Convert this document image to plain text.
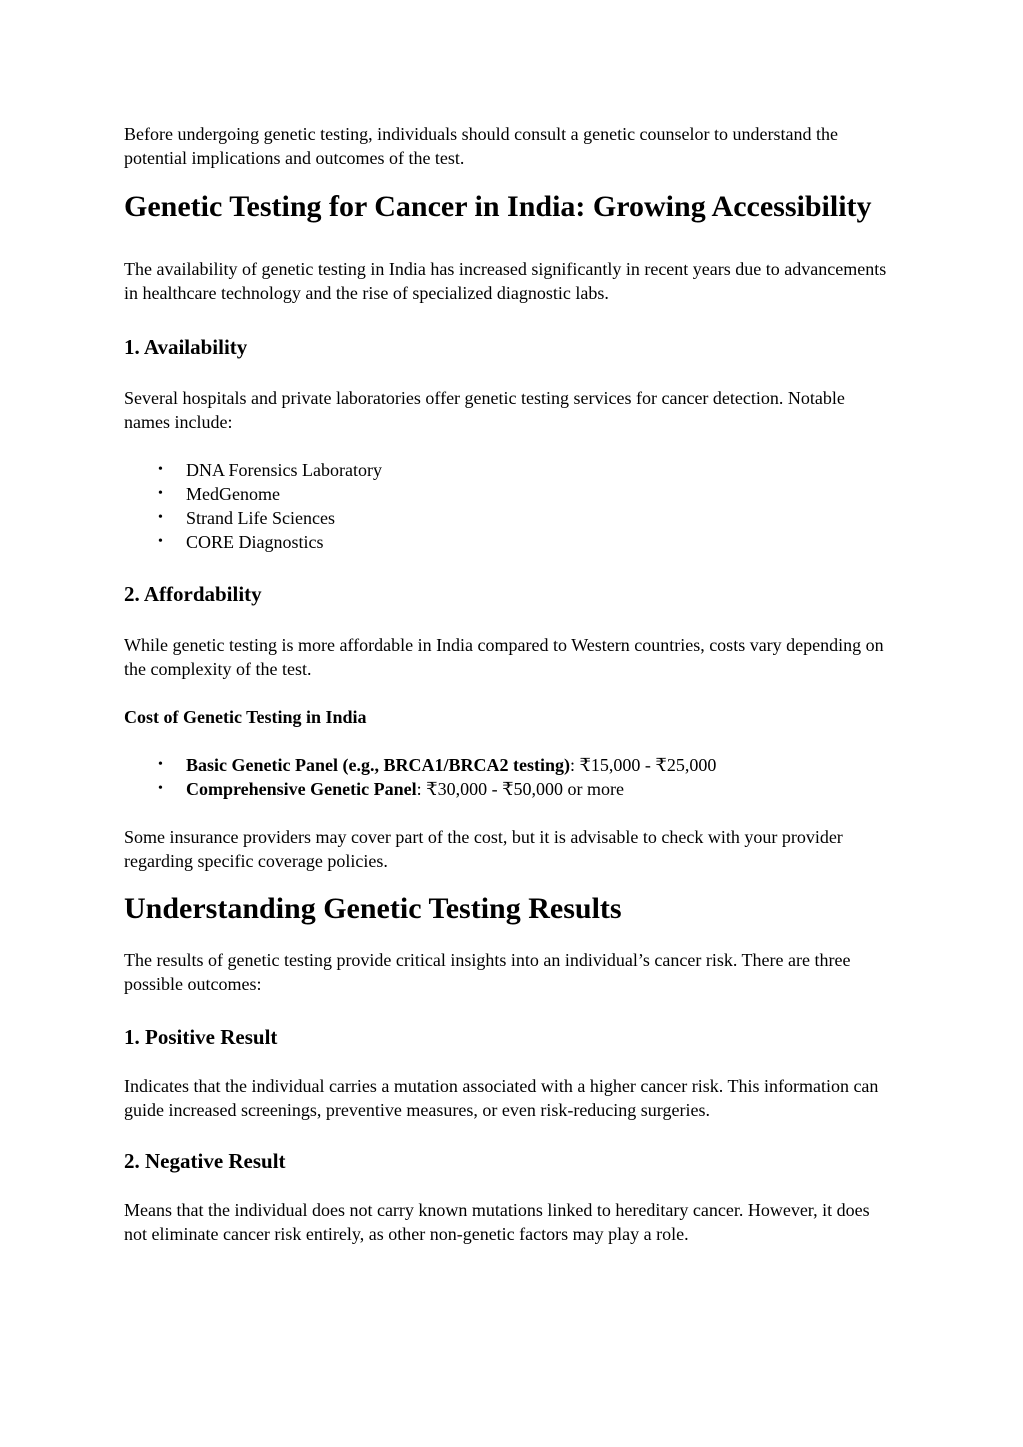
Before undergoing genetic testing, individuals should consult a genetic counselor to understand the potential implications and outcomes of the test.

Genetic Testing for Cancer in India: Growing Accessibility

The availability of genetic testing in India has increased significantly in recent years due to advancements in healthcare technology and the rise of specialized diagnostic labs.

1. Availability

Several hospitals and private laboratories offer genetic testing services for cancer detection. Notable names include:

• DNA Forensics Laboratory
• MedGenome
• Strand Life Sciences
• CORE Diagnostics
2. Affordability

While genetic testing is more affordable in India compared to Western countries, costs vary depending on the complexity of the test.

Cost of Genetic Testing in India
• Basic Genetic Panel (e.g., BRCA1/BRCA2 testing): ₹15,000 - ₹25,000
• Comprehensive Genetic Panel: ₹30,000 - ₹50,000 or more

Some insurance providers may cover part of the cost, but it is advisable to check with your provider regarding specific coverage policies.

Understanding Genetic Testing Results

The results of genetic testing provide critical insights into an individual’s cancer risk. There are three possible outcomes:

1. Positive Result

Indicates that the individual carries a mutation associated with a higher cancer risk. This information can guide increased screenings, preventive measures, or even risk-reducing surgeries.

2. Negative Result

Means that the individual does not carry known mutations linked to hereditary cancer. However, it does not eliminate cancer risk entirely, as other non-genetic factors may play a role.
